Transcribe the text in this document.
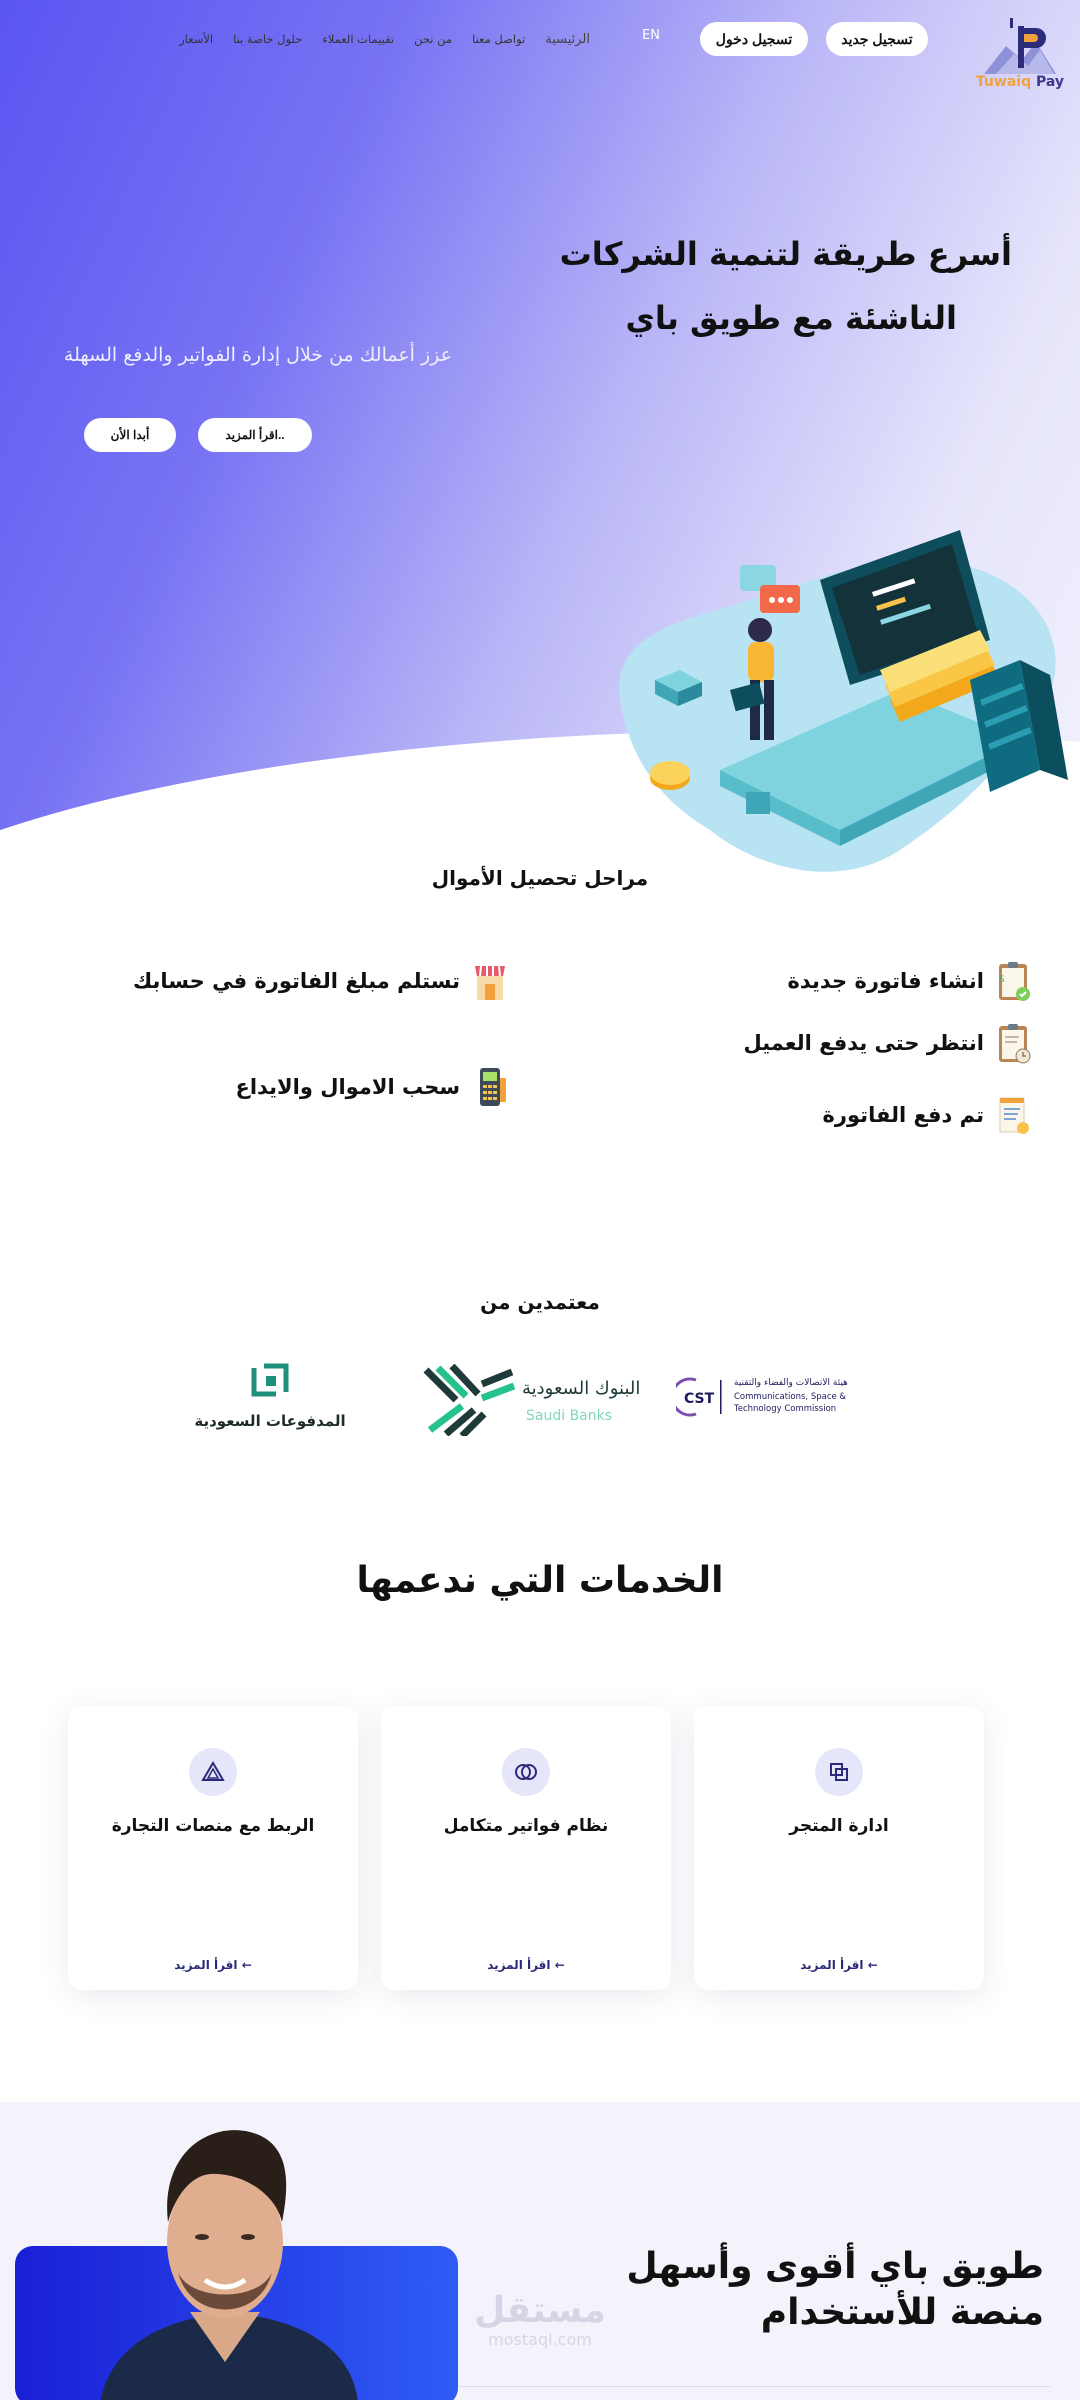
Tuwaiq Pay
تسجيل جديد
تسجيل دخول
EN
الرئيسية
تواصل معنا
من نحن
تقييمات العملاء
حلول خاصة بنا
الأسعار
أسرع طريقة لتنمية الشركات
الناشئة مع طويق باي
عزز أعمالك من خلال إدارة الفواتير والدفع السهلة
اقرأ المزيد..
أبدا الأن
مراحل تحصيل الأموال
$
انشاء فاتورة جديدة
انتظر حتى يدفع العميل
تم دفع الفاتورة
تستلم مبلغ الفاتورة في حسابك
سحب الاموال والايداع
معتمدين من
CST
هيئة الاتصالات والفضاء والتقنية
Communications, Space &
Technology Commission
البنوك السعودية
Saudi Banks
المدفوعات السعودية
الخدمات التي ندعمها
ادارة المتجر
اقرأ المزيد ←
نظام فواتير متكامل
اقرأ المزيد ←
الربط مع منصات التجارة
اقرأ المزيد ←
مستقل
mostaql.com
طويق باي أقوى وأسهل
منصة للأستخدام
